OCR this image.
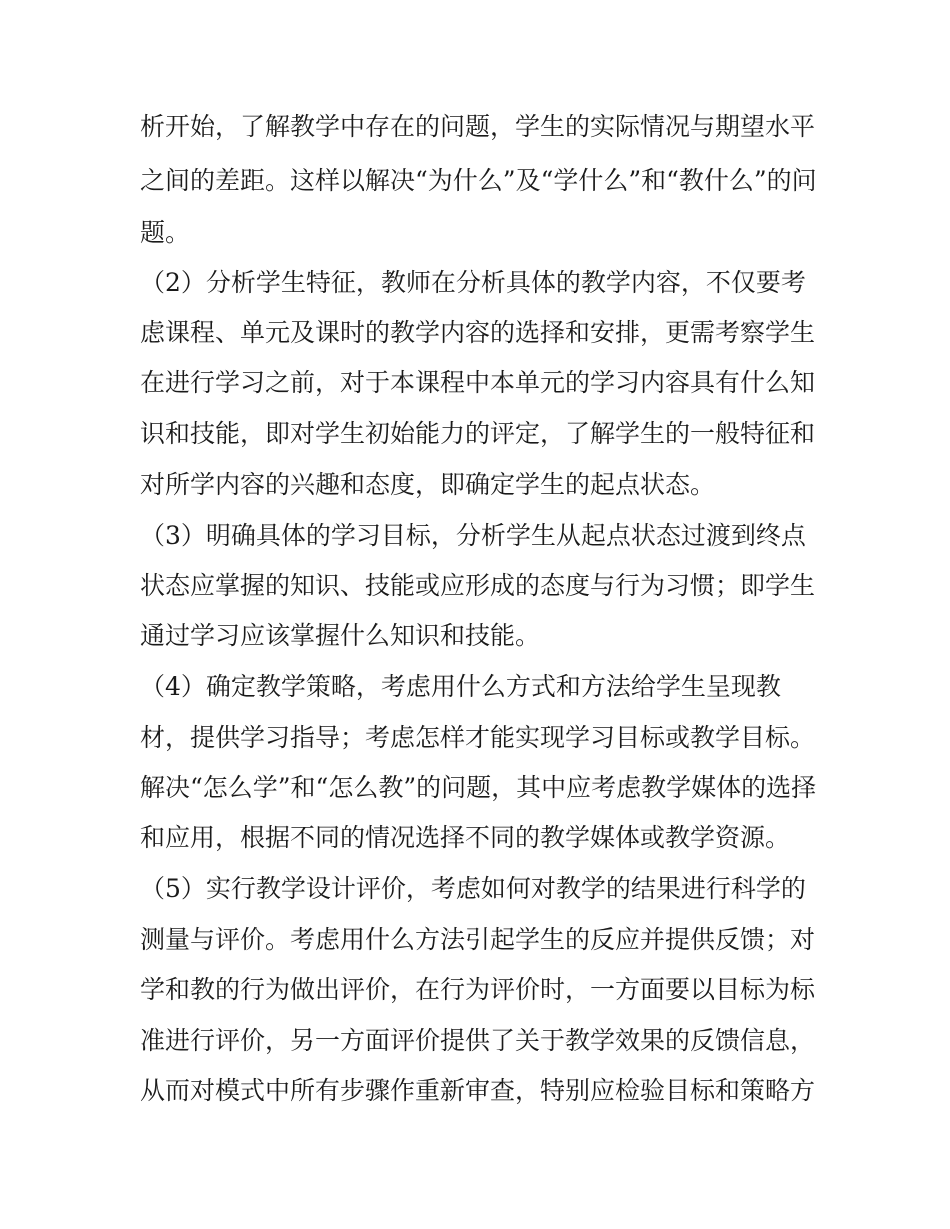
析开始，了解教学中存在的问题，学生的实际情况与期望水平
之间的差距。这样以解决“为什么”及“学什么”和“教什么”的问
题。
（2）分析学生特征，教师在分析具体的教学内容，不仅要考
虑课程、单元及课时的教学内容的选择和安排，更需考察学生
在进行学习之前，对于本课程中本单元的学习内容具有什么知
识和技能，即对学生初始能力的评定，了解学生的一般特征和
对所学内容的兴趣和态度，即确定学生的起点状态。
（3）明确具体的学习目标，分析学生从起点状态过渡到终点
状态应掌握的知识、技能或应形成的态度与行为习惯；即学生
通过学习应该掌握什么知识和技能。
（4）确定教学策略，考虑用什么方式和方法给学生呈现教
材，提供学习指导；考虑怎样才能实现学习目标或教学目标。
解决“怎么学”和“怎么教”的问题，其中应考虑教学媒体的选择
和应用，根据不同的情况选择不同的教学媒体或教学资源。
（5）实行教学设计评价，考虑如何对教学的结果进行科学的
测量与评价。考虑用什么方法引起学生的反应并提供反馈；对
学和教的行为做出评价，在行为评价时，一方面要以目标为标
准进行评价，另一方面评价提供了关于教学效果的反馈信息，
从而对模式中所有步骤作重新审查，特别应检验目标和策略方
